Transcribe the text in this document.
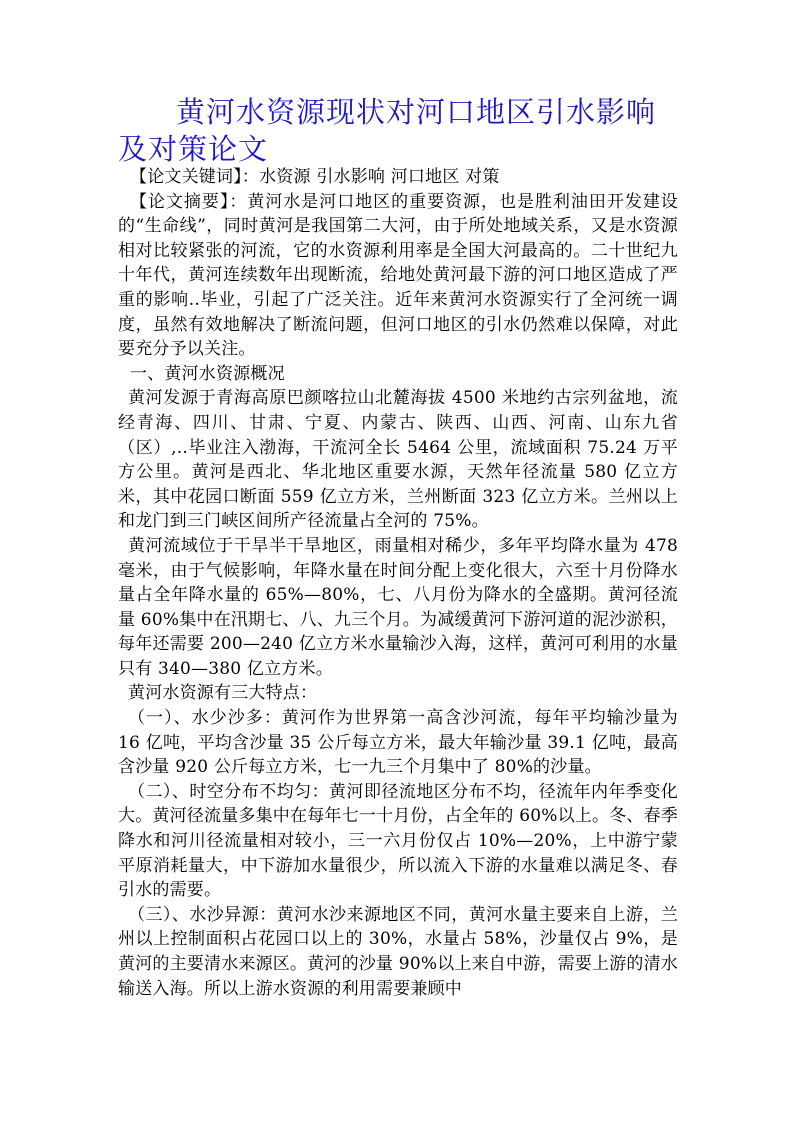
黄河水资源现状对河口地区引水影响及对策论文

【论文关键词】：水资源 引水影响 河口地区 对策

【论文摘要】：黄河水是河口地区的重要资源，也是胜利油田开发建设的“生命线”，同时黄河是我国第二大河，由于所处地域关系，又是水资源相对比较紧张的河流，它的水资源利用率是全国大河最高的。二十世纪九十年代，黄河连续数年出现断流，给地处黄河最下游的河口地区造成了严重的影响..毕业，引起了广泛关注。近年来黄河水资源实行了全河统一调度，虽然有效地解决了断流问题，但河口地区的引水仍然难以保障，对此要充分予以关注。

一、黄河水资源概况

黄河发源于青海高原巴颜喀拉山北麓海拔 4500 米地约古宗列盆地，流经青海、四川、甘肃、宁夏、内蒙古、陕西、山西、河南、山东九省（区）,..毕业注入渤海，干流河全长 5464 公里，流域面积 75.24 万平方公里。黄河是西北、华北地区重要水源，天然年径流量 580 亿立方米，其中花园口断面 559 亿立方米，兰州断面 323 亿立方米。兰州以上和龙门到三门峡区间所产径流量占全河的 75%。

黄河流域位于干旱半干旱地区，雨量相对稀少，多年平均降水量为 478 毫米，由于气候影响，年降水量在时间分配上变化很大，六至十月份降水量占全年降水量的 65%—80%，七、八月份为降水的全盛期。黄河径流量 60%集中在汛期七、八、九三个月。为减缓黄河下游河道的泥沙淤积，每年还需要 200—240 亿立方米水量输沙入海，这样，黄河可利用的水量只有 340—380 亿立方米。

黄河水资源有三大特点：

（一）、水少沙多：黄河作为世界第一高含沙河流，每年平均输沙量为 16 亿吨，平均含沙量 35 公斤每立方米，最大年输沙量 39.1 亿吨，最高含沙量 920 公斤每立方米，七一九三个月集中了 80%的沙量。

（二）、时空分布不均匀：黄河即径流地区分布不均，径流年内年季变化大。黄河径流量多集中在每年七一十月份，占全年的 60%以上。冬、春季降水和河川径流量相对较小，三一六月份仅占 10%—20%，上中游宁蒙平原消耗量大，中下游加水量很少，所以流入下游的水量难以满足冬、春引水的需要。

（三）、水沙异源：黄河水沙来源地区不同，黄河水量主要来自上游，兰州以上控制面积占花园口以上的 30%，水量占 58%，沙量仅占 9%，是黄河的主要清水来源区。黄河的沙量 90%以上来自中游，需要上游的清水输送入海。所以上游水资源的利用需要兼顾中
